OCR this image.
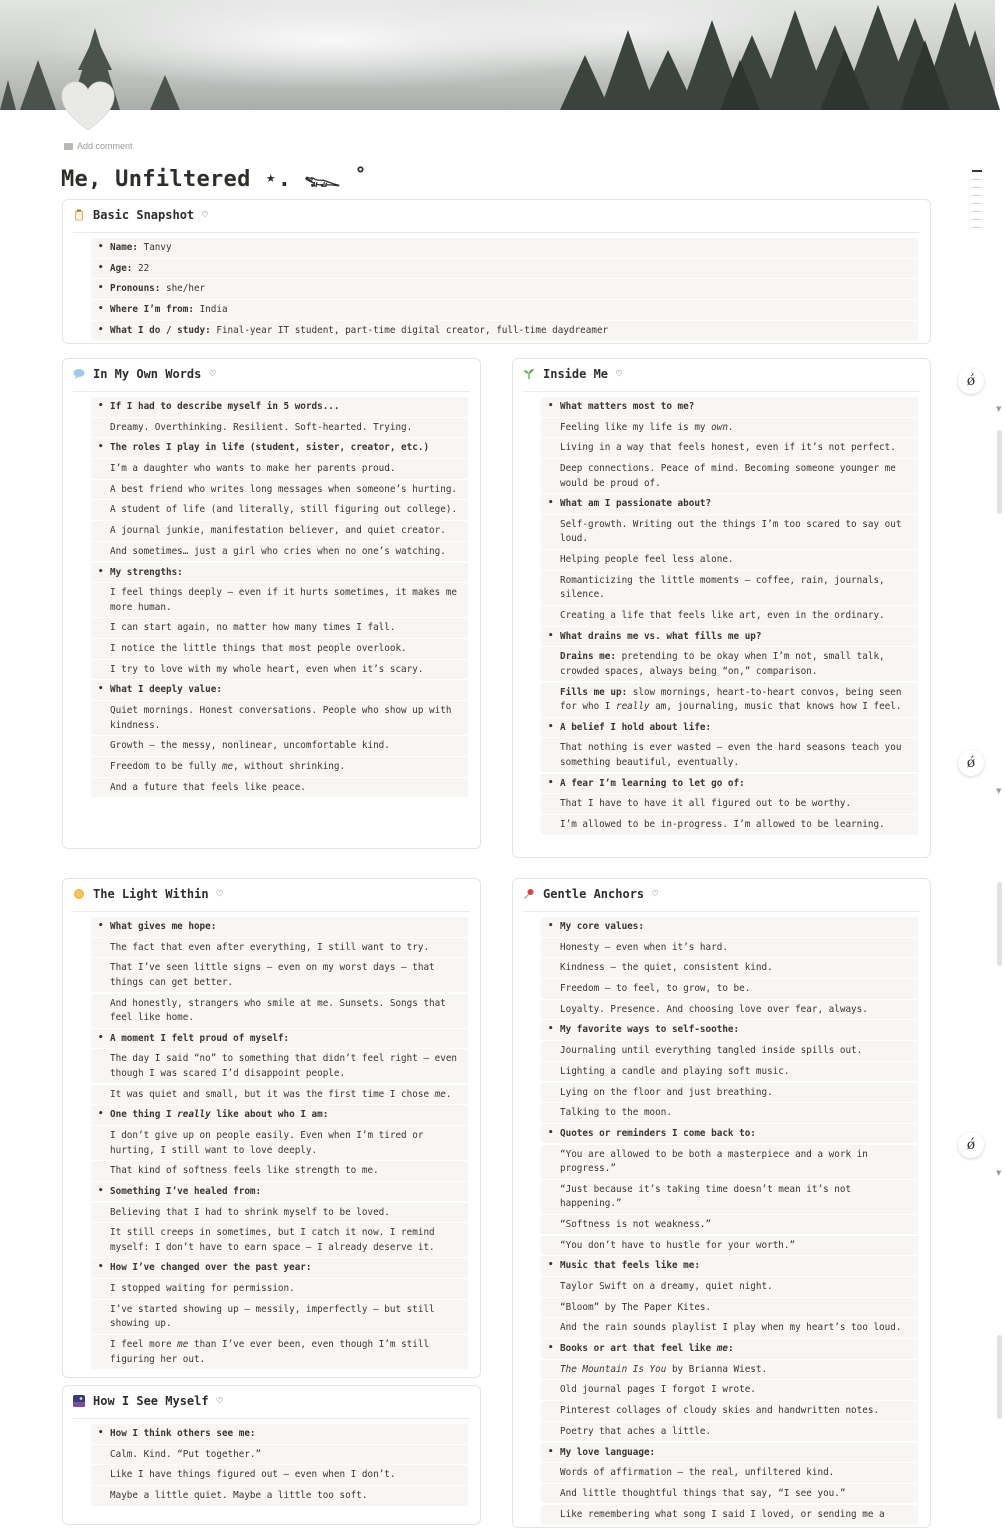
Add comment
Me, Unfiltered ⋆. 𓆊 ˚
Basic Snapshot ♡
• Name: Tanvy
• Age: 22
• Pronouns: she/her
• Where I’m from: India
• What I do / study: Final-year IT student, part-time digital creator, full-time daydreamer
In My Own Words ♡
• If I had to describe myself in 5 words...
Dreamy. Overthinking. Resilient. Soft-hearted. Trying.
• The roles I play in life (student, sister, creator, etc.)
I’m a daughter who wants to make her parents proud.
A best friend who writes long messages when someone’s hurting.
A student of life (and literally, still figuring out college).
A journal junkie, manifestation believer, and quiet creator.
And sometimes… just a girl who cries when no one’s watching.
• My strengths:
I feel things deeply — even if it hurts sometimes, it makes me more human.
I can start again, no matter how many times I fall.
I notice the little things that most people overlook.
I try to love with my whole heart, even when it’s scary.
• What I deeply value:
Quiet mornings. Honest conversations. People who show up with kindness.
Growth — the messy, nonlinear, uncomfortable kind.
Freedom to be fully me, without shrinking.
And a future that feels like peace.
Inside Me ♡
• What matters most to me?
Feeling like my life is my own.
Living in a way that feels honest, even if it’s not perfect.
Deep connections. Peace of mind. Becoming someone younger me would be proud of.
• What am I passionate about?
Self-growth. Writing out the things I’m too scared to say out loud.
Helping people feel less alone.
Romanticizing the little moments — coffee, rain, journals, silence.
Creating a life that feels like art, even in the ordinary.
• What drains me vs. what fills me up?
Drains me: pretending to be okay when I’m not, small talk, crowded spaces, always being “on,” comparison.
Fills me up: slow mornings, heart-to-heart convos, being seen for who I really am, journaling, music that knows how I feel.
• A belief I hold about life:
That nothing is ever wasted — even the hard seasons teach you something beautiful, eventually.
• A fear I’m learning to let go of:
That I have to have it all figured out to be worthy.
I’m allowed to be in-progress. I’m allowed to be learning.
The Light Within ♡
• What gives me hope:
The fact that even after everything, I still want to try.
That I’ve seen little signs — even on my worst days — that things can get better.
And honestly, strangers who smile at me. Sunsets. Songs that feel like home.
• A moment I felt proud of myself:
The day I said “no” to something that didn’t feel right — even though I was scared I’d disappoint people.
It was quiet and small, but it was the first time I chose me.
• One thing I really like about who I am:
I don’t give up on people easily. Even when I’m tired or hurting, I still want to love deeply.
That kind of softness feels like strength to me.
• Something I’ve healed from:
Believing that I had to shrink myself to be loved.
It still creeps in sometimes, but I catch it now. I remind myself: I don’t have to earn space — I already deserve it.
• How I’ve changed over the past year:
I stopped waiting for permission.
I’ve started showing up — messily, imperfectly — but still showing up.
I feel more me than I’ve ever been, even though I’m still figuring her out.
How I See Myself ♡
• How I think others see me:
Calm. Kind. “Put together.”
Like I have things figured out — even when I don’t.
Maybe a little quiet. Maybe a little too soft.
Gentle Anchors ♡
• My core values:
Honesty — even when it’s hard.
Kindness — the quiet, consistent kind.
Freedom — to feel, to grow, to be.
Loyalty. Presence. And choosing love over fear, always.
• My favorite ways to self-soothe:
Journaling until everything tangled inside spills out.
Lighting a candle and playing soft music.
Lying on the floor and just breathing.
Talking to the moon.
• Quotes or reminders I come back to:
“You are allowed to be both a masterpiece and a work in progress.”
“Just because it’s taking time doesn’t mean it’s not happening.”
“Softness is not weakness.”
“You don’t have to hustle for your worth.”
• Music that feels like me:
Taylor Swift on a dreamy, quiet night.
“Bloom” by The Paper Kites.
And the rain sounds playlist I play when my heart’s too loud.
• Books or art that feel like me:
The Mountain Is You by Brianna Wiest.
Old journal pages I forgot I wrote.
Pinterest collages of cloudy skies and handwritten notes.
Poetry that aches a little.
• My love language:
Words of affirmation — the real, unfiltered kind.
And little thoughtful things that say, “I see you.”
Like remembering what song I said I loved, or sending me a
ǿ
▼
ǿ
▼
ǿ
▼
